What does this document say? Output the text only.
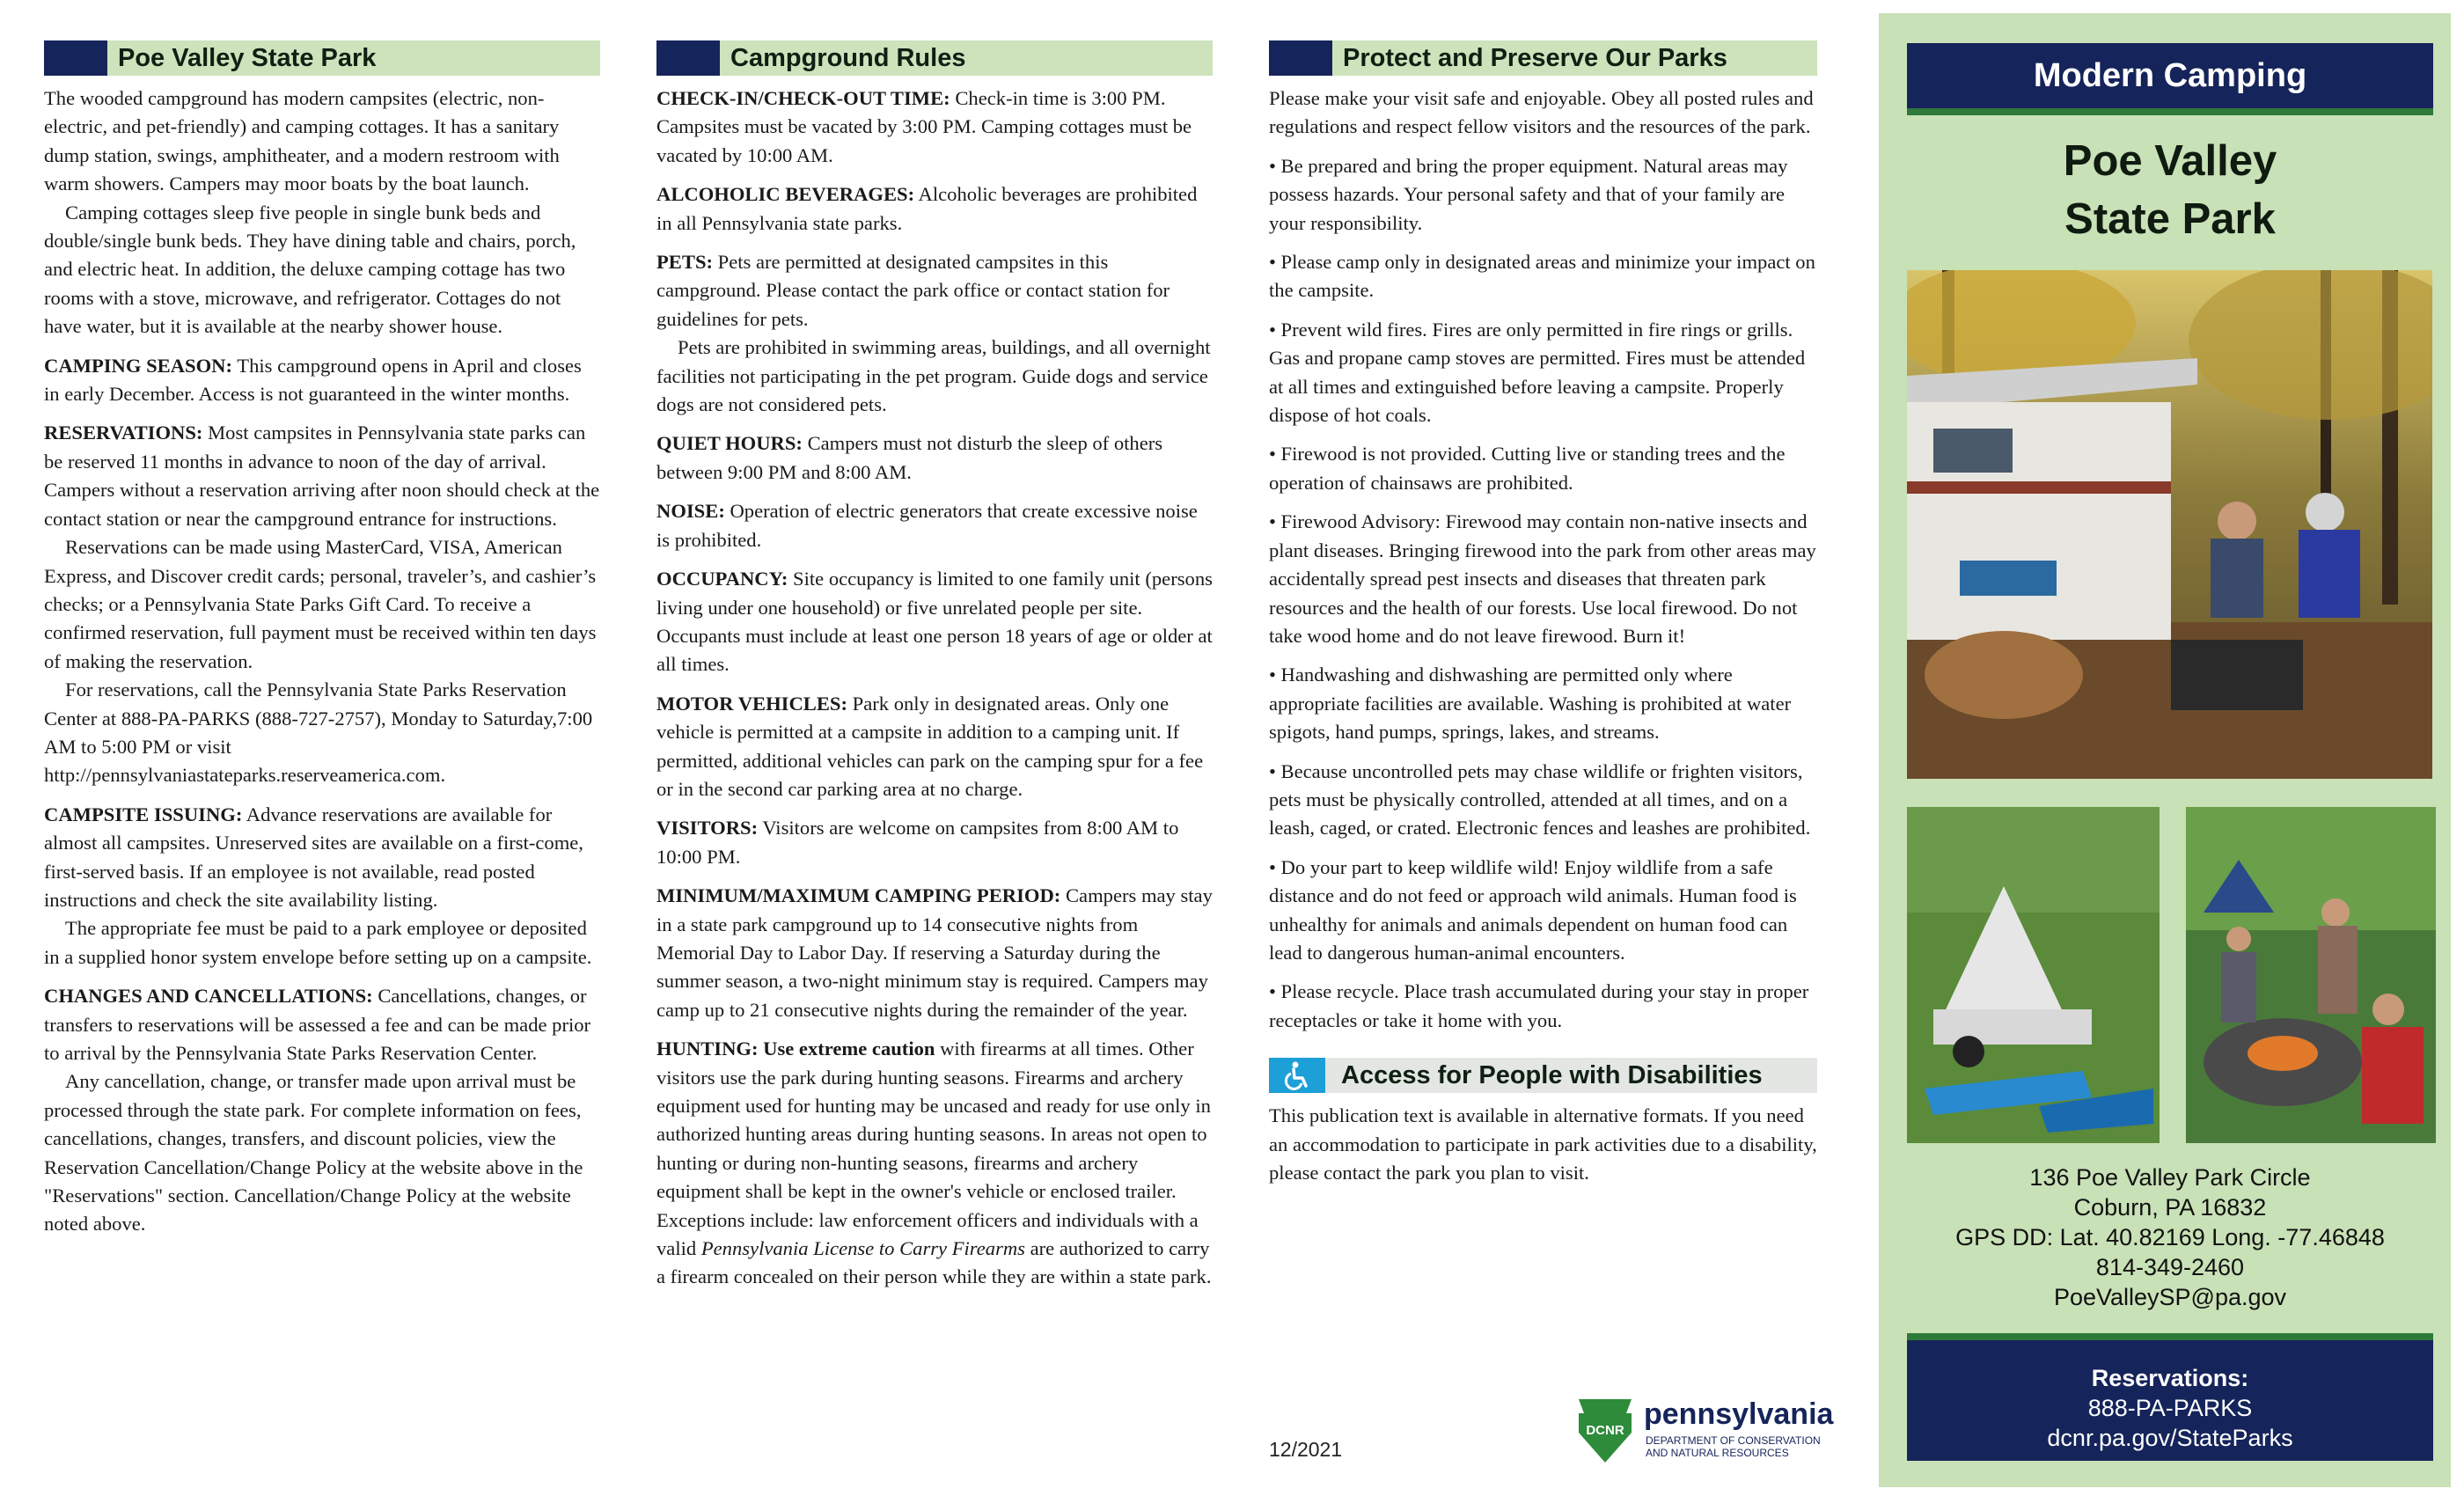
Poe Valley State Park

The wooded campground has modern campsites (electric, non-electric, and pet-friendly) and camping cottages. It has a sanitary dump station, swings, amphitheater, and a modern restroom with warm showers. Campers may moor boats by the boat launch.

Camping cottages sleep five people in single bunk beds and double/single bunk beds. They have dining table and chairs, porch, and electric heat. In addition, the deluxe camping cottage has two rooms with a stove, microwave, and refrigerator. Cottages do not have water, but it is available at the nearby shower house.

CAMPING SEASON: This campground opens in April and closes in early December. Access is not guaranteed in the winter months.

RESERVATIONS: Most campsites in Pennsylvania state parks can be reserved 11 months in advance to noon of the day of arrival. Campers without a reservation arriving after noon should check at the contact station or near the campground entrance for instructions.

Reservations can be made using MasterCard, VISA, American Express, and Discover credit cards; personal, traveler’s, and cashier’s checks; or a Pennsylvania State Parks Gift Card. To receive a confirmed reservation, full payment must be received within ten days of making the reservation.

For reservations, call the Pennsylvania State Parks Reservation Center at 888-PA-PARKS (888-727-2757), Monday to Saturday,7:00 AM to 5:00 PM or visit http://pennsylvaniastateparks.reserveamerica.com.

CAMPSITE ISSUING: Advance reservations are available for almost all campsites. Unreserved sites are available on a first-come, first-served basis. If an employee is not available, read posted instructions and check the site availability listing.

The appropriate fee must be paid to a park employee or deposited in a supplied honor system envelope before setting up on a campsite.

CHANGES AND CANCELLATIONS: Cancellations, changes, or transfers to reservations will be assessed a fee and can be made prior to arrival by the Pennsylvania State Parks Reservation Center.

Any cancellation, change, or transfer made upon arrival must be processed through the state park. For complete information on fees, cancellations, changes, transfers, and discount policies, view the Reservation Cancellation/Change Policy at the website above in the "Reservations" section. Cancellation/Change Policy at the website noted above.

Campground Rules

CHECK-IN/CHECK-OUT TIME: Check-in time is 3:00 PM. Campsites must be vacated by 3:00 PM. Camping cottages must be vacated by 10:00 AM.

ALCOHOLIC BEVERAGES: Alcoholic beverages are prohibited in all Pennsylvania state parks.

PETS: Pets are permitted at designated campsites in this campground. Please contact the park office or contact station for guidelines for pets.

Pets are prohibited in swimming areas, buildings, and all overnight facilities not participating in the pet program. Guide dogs and service dogs are not considered pets.

QUIET HOURS: Campers must not disturb the sleep of others between 9:00 PM and 8:00 AM.

NOISE: Operation of electric generators that create excessive noise is prohibited.

OCCUPANCY: Site occupancy is limited to one family unit (persons living under one household) or five unrelated people per site. Occupants must include at least one person 18 years of age or older at all times.

MOTOR VEHICLES: Park only in designated areas. Only one vehicle is permitted at a campsite in addition to a camping unit. If permitted, additional vehicles can park on the camping spur for a fee or in the second car parking area at no charge.

VISITORS: Visitors are welcome on campsites from 8:00 AM to 10:00 PM.

MINIMUM/MAXIMUM CAMPING PERIOD: Campers may stay in a state park campground up to 14 consecutive nights from Memorial Day to Labor Day. If reserving a Saturday during the summer season, a two-night minimum stay is required. Campers may camp up to 21 consecutive nights during the remainder of the year.

HUNTING: Use extreme caution with firearms at all times. Other visitors use the park during hunting seasons. Firearms and archery equipment used for hunting may be uncased and ready for use only in authorized hunting areas during hunting seasons. In areas not open to hunting or during non-hunting seasons, firearms and archery equipment shall be kept in the owner's vehicle or enclosed trailer. Exceptions include: law enforcement officers and individuals with a valid Pennsylvania License to Carry Firearms are authorized to carry a firearm concealed on their person while they are within a state park.

Protect and Preserve Our Parks

Please make your visit safe and enjoyable. Obey all posted rules and regulations and respect fellow visitors and the resources of the park.

• Be prepared and bring the proper equipment. Natural areas may possess hazards. Your personal safety and that of your family are your responsibility.

• Please camp only in designated areas and minimize your impact on the campsite.

• Prevent wild fires. Fires are only permitted in fire rings or grills. Gas and propane camp stoves are permitted. Fires must be attended at all times and extinguished before leaving a campsite. Properly dispose of hot coals.

• Firewood is not provided. Cutting live or standing trees and the operation of chainsaws are prohibited.

• Firewood Advisory: Firewood may contain non-native insects and plant diseases. Bringing firewood into the park from other areas may accidentally spread pest insects and diseases that threaten park resources and the health of our forests. Use local firewood. Do not take wood home and do not leave firewood. Burn it!

• Handwashing and dishwashing are permitted only where appropriate facilities are available. Washing is prohibited at water spigots, hand pumps, springs, lakes, and streams.

• Because uncontrolled pets may chase wildlife or frighten visitors, pets must be physically controlled, attended at all times, and on a leash, caged, or crated. Electronic fences and leashes are prohibited.

• Do your part to keep wildlife wild! Enjoy wildlife from a safe distance and do not feed or approach wild animals. Human food is unhealthy for animals and animals dependent on human food can lead to dangerous human-animal encounters.

• Please recycle. Place trash accumulated during your stay in proper receptacles or take it home with you.

Access for People with Disabilities

This publication text is available in alternative formats. If you need an accommodation to participate in park activities due to a disability, please contact the park you plan to visit.

12/2021
DCNR pennsylvania
DEPARTMENT OF CONSERVATION
AND NATURAL RESOURCES
Modern Camping
Poe Valley
State Park
136 Poe Valley Park Circle
Coburn, PA 16832
GPS DD: Lat. 40.82169 Long. -77.46848
814-349-2460
PoeValleySP@pa.gov
Reservations:
888-PA-PARKS
dcnr.pa.gov/StateParks
